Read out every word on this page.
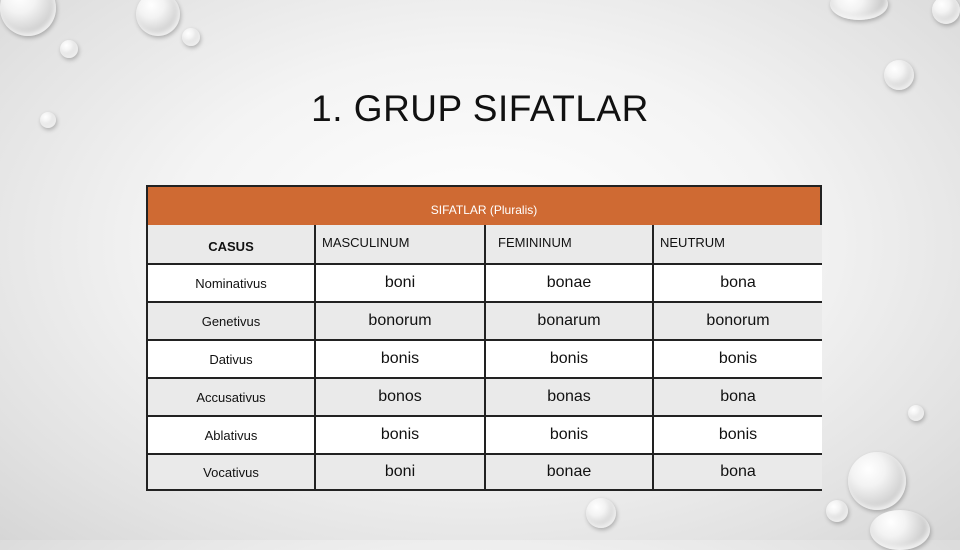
1. GRUP SIFATLAR
SIFATLAR (Pluralis)
CASUS	MASCULINUM	FEMININUM	NEUTRUM
Nominativus	boni	bonae	bona
Genetivus	bonorum	bonarum	bonorum
Dativus	bonis	bonis	bonis
Accusativus	bonos	bonas	bona
Ablativus	bonis	bonis	bonis
Vocativus	boni	bonae	bona
